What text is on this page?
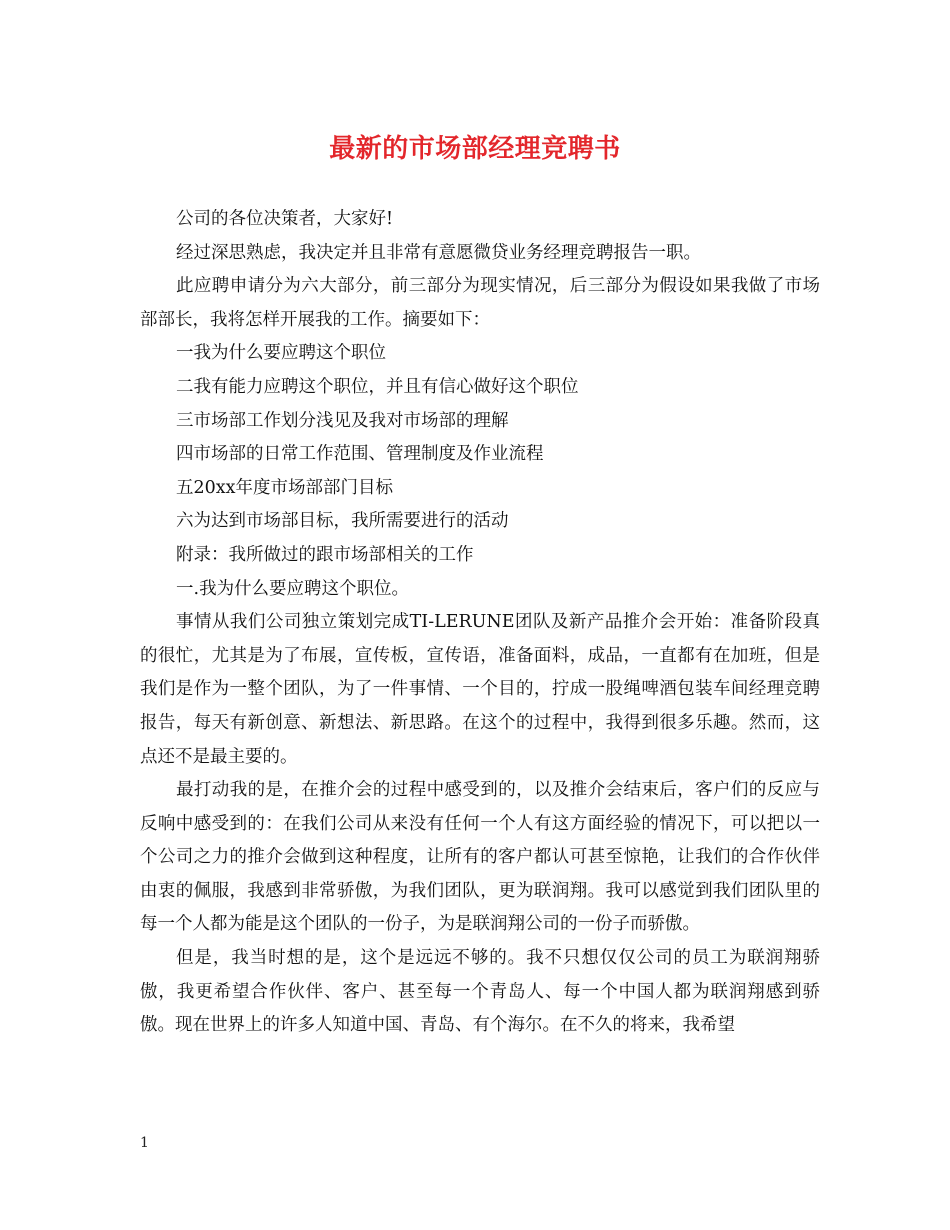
最新的市场部经理竞聘书

公司的各位决策者，大家好!

经过深思熟虑，我决定并且非常有意愿微贷业务经理竞聘报告一职。

此应聘申请分为六大部分，前三部分为现实情况，后三部分为假设如果我做了市场部部长，我将怎样开展我的工作。摘要如下：

一我为什么要应聘这个职位

二我有能力应聘这个职位，并且有信心做好这个职位

三市场部工作划分浅见及我对市场部的理解

四市场部的日常工作范围、管理制度及作业流程

五20xx年度市场部部门目标

六为达到市场部目标，我所需要进行的活动

附录：我所做过的跟市场部相关的工作

一.我为什么要应聘这个职位。

事情从我们公司独立策划完成TI-LERUNE团队及新产品推介会开始：准备阶段真的很忙，尤其是为了布展，宣传板，宣传语，准备面料，成品，一直都有在加班，但是我们是作为一整个团队，为了一件事情、一个目的，拧成一股绳啤酒包装车间经理竞聘报告，每天有新创意、新想法、新思路。在这个的过程中，我得到很多乐趣。然而，这点还不是最主要的。

最打动我的是，在推介会的过程中感受到的，以及推介会结束后，客户们的反应与反响中感受到的：在我们公司从来没有任何一个人有这方面经验的情况下，可以把以一个公司之力的推介会做到这种程度，让所有的客户都认可甚至惊艳，让我们的合作伙伴由衷的佩服，我感到非常骄傲，为我们团队，更为联润翔。我可以感觉到我们团队里的每一个人都为能是这个团队的一份子，为是联润翔公司的一份子而骄傲。

但是，我当时想的是，这个是远远不够的。我不只想仅仅公司的员工为联润翔骄傲，我更希望合作伙伴、客户、甚至每一个青岛人、每一个中国人都为联润翔感到骄傲。现在世界上的许多人知道中国、青岛、有个海尔。在不久的将来，我希望

1
